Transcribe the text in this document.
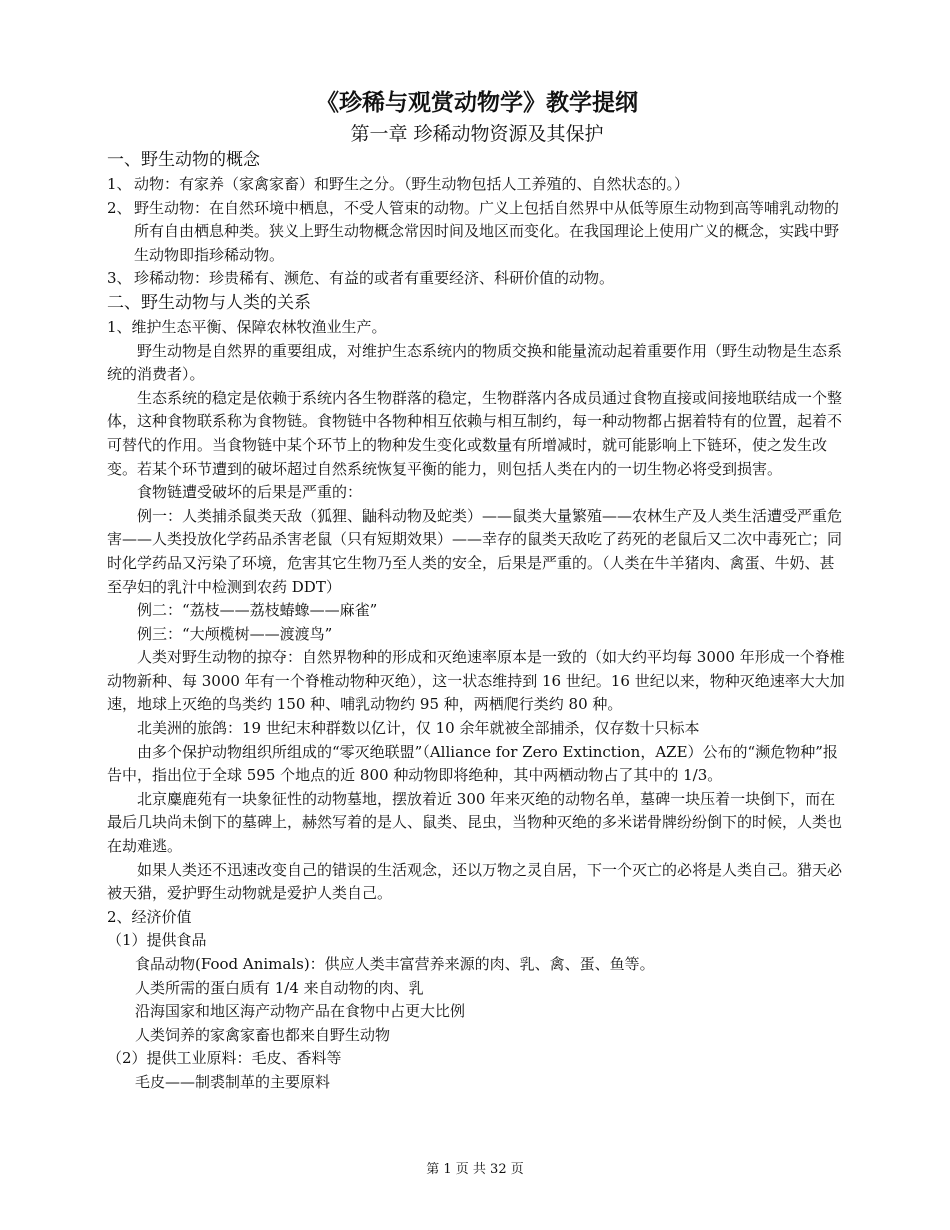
《珍稀与观赏动物学》教学提纲
第一章 珍稀动物资源及其保护
一、野生动物的概念
1、 动物：有家养（家禽家畜）和野生之分。（野生动物包括人工养殖的、自然状态的。）
2、 野生动物：在自然环境中栖息，不受人管束的动物。广义上包括自然界中从低等原生动物到高等哺乳动物的所有自由栖息种类。狭义上野生动物概念常因时间及地区而变化。在我国理论上使用广义的概念，实践中野生动物即指珍稀动物。
3、 珍稀动物：珍贵稀有、濒危、有益的或者有重要经济、科研价值的动物。
二、野生动物与人类的关系

1、维护生态平衡、保障农林牧渔业生产。

野生动物是自然界的重要组成，对维护生态系统内的物质交换和能量流动起着重要作用（野生动物是生态系统的消费者）。

生态系统的稳定是依赖于系统内各生物群落的稳定，生物群落内各成员通过食物直接或间接地联结成一个整体，这种食物联系称为食物链。食物链中各物种相互依赖与相互制约，每一种动物都占据着特有的位置，起着不可替代的作用。当食物链中某个环节上的物种发生变化或数量有所增减时，就可能影响上下链环，使之发生改变。若某个环节遭到的破坏超过自然系统恢复平衡的能力，则包括人类在内的一切生物必将受到损害。

食物链遭受破坏的后果是严重的：

例一：人类捕杀鼠类天敌（狐狸、鼬科动物及蛇类）——鼠类大量繁殖——农林生产及人类生活遭受严重危害——人类投放化学药品杀害老鼠（只有短期效果）——幸存的鼠类天敌吃了药死的老鼠后又二次中毒死亡；同时化学药品又污染了环境，危害其它生物乃至人类的安全，后果是严重的。（人类在牛羊猪肉、禽蛋、牛奶、甚至孕妇的乳汁中检测到农药 DDT）

例二：“荔枝——荔枝蝽蟓——麻雀”

例三：“大颅榄树——渡渡鸟”

人类对野生动物的掠夺：自然界物种的形成和灭绝速率原本是一致的（如大约平均每 3000 年形成一个脊椎动物新种、每 3000 年有一个脊椎动物种灭绝），这一状态维持到 16 世纪。16 世纪以来，物种灭绝速率大大加速，地球上灭绝的鸟类约 150 种、哺乳动物约 95 种，两栖爬行类约 80 种。

北美洲的旅鸽：19 世纪末种群数以亿计，仅 10 余年就被全部捕杀，仅存数十只标本

由多个保护动物组织所组成的“零灭绝联盟”（Alliance for Zero Extinction，AZE）公布的“濒危物种”报告中，指出位于全球 595 个地点的近 800 种动物即将绝种，其中两栖动物占了其中的 1/3。

北京麋鹿苑有一块象征性的动物墓地，摆放着近 300 年来灭绝的动物名单，墓碑一块压着一块倒下，而在最后几块尚未倒下的墓碑上，赫然写着的是人、鼠类、昆虫，当物种灭绝的多米诺骨牌纷纷倒下的时候，人类也在劫难逃。

如果人类还不迅速改变自己的错误的生活观念，还以万物之灵自居，下一个灭亡的必将是人类自己。猎天必被天猎，爱护野生动物就是爱护人类自己。

2、经济价值

（1）提供食品

食品动物(Food Animals)：供应人类丰富营养来源的肉、乳、禽、蛋、鱼等。

人类所需的蛋白质有 1/4 来自动物的肉、乳

沿海国家和地区海产动物产品在食物中占更大比例

人类饲养的家禽家畜也都来自野生动物

（2）提供工业原料：毛皮、香料等

毛皮——制裘制革的主要原料

第 1 页 共 32 页
